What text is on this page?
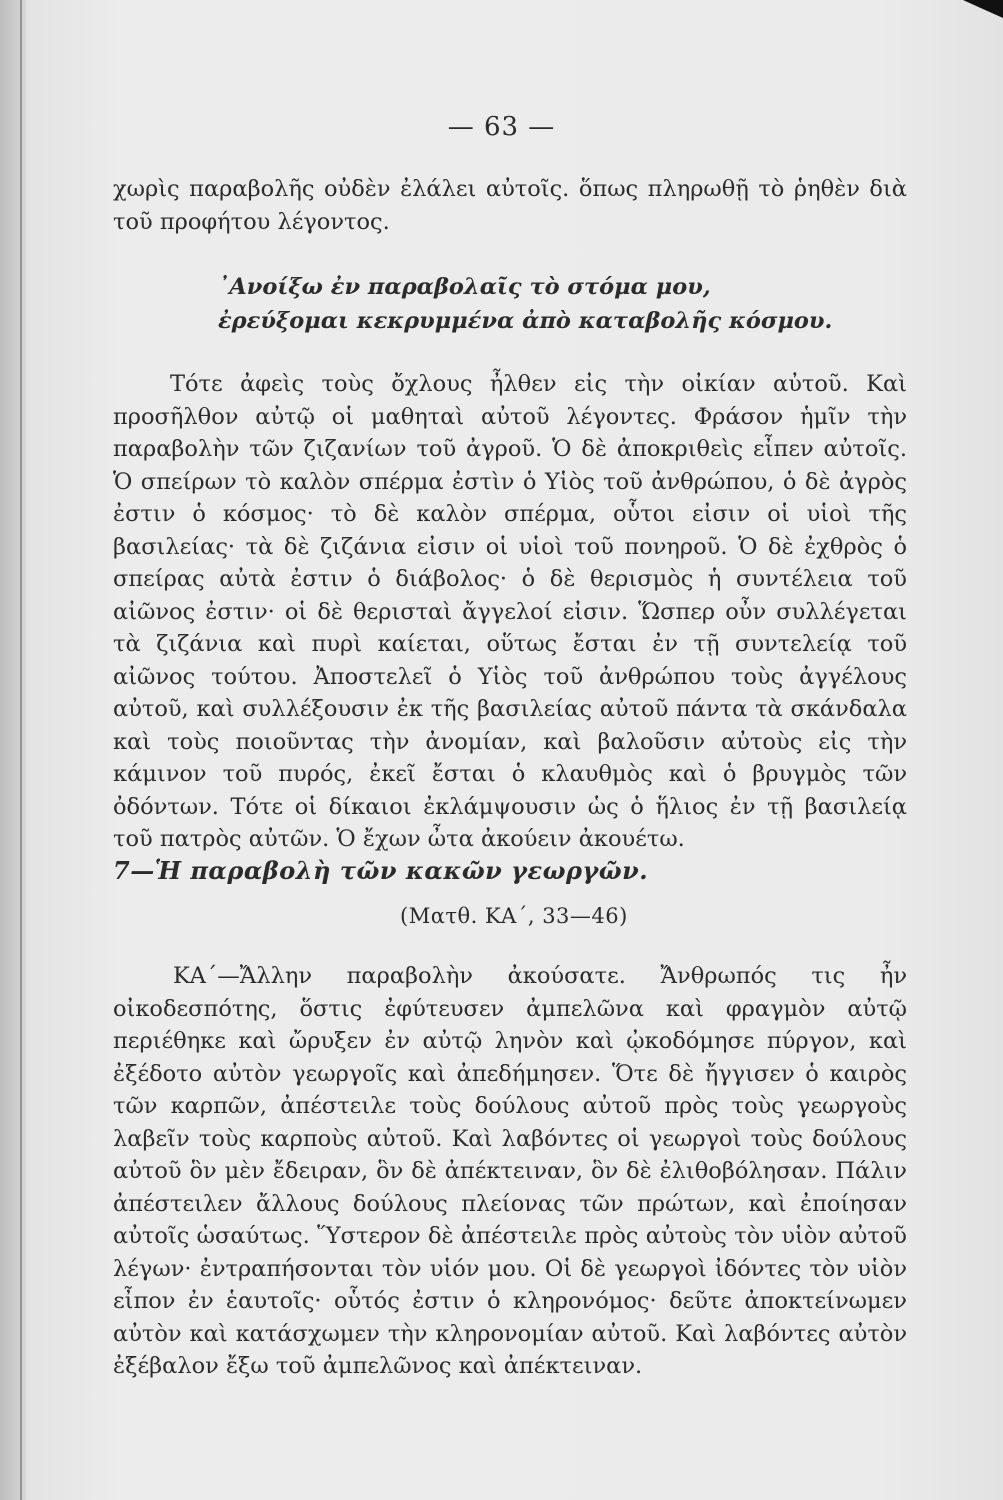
— 63 —

χωρὶς παραβολῆς οὐδὲν ἐλάλει αὐτοῖς. ὅπως πληρωθῇ τὸ ῥηθὲν διὰ τοῦ προφήτου λέγοντος.

᾿Ανοίξω ἐν παραβολαῖς τὸ στόμα μου,
ἐρεύξομαι κεκρυμμένα ἀπὸ καταβολῆς κόσμου.

Τότε ἀφεὶς τοὺς ὄχλους ἦλθεν εἰς τὴν οἰκίαν αὐτοῦ. Καὶ προσῆλθον αὐτῷ οἱ μαθηταὶ αὐτοῦ λέγοντες. Φράσον ἡμῖν τὴν παραβολὴν τῶν ζιζανίων τοῦ ἀγροῦ. Ὁ δὲ ἀποκριθεὶς εἶπεν αὐτοῖς. Ὁ σπείρων τὸ καλὸν σπέρμα ἐστὶν ὁ Υἱὸς τοῦ ἀνθρώπου, ὁ δὲ ἀγρὸς ἐστιν ὁ κόσμος· τὸ δὲ καλὸν σπέρμα, οὗτοι εἰσιν οἱ υἱοὶ τῆς βασιλείας· τὰ δὲ ζιζάνια εἰσιν οἱ υἱοὶ τοῦ πονηροῦ. Ὁ δὲ ἐχθρὸς ὁ σπείρας αὐτὰ ἐστιν ὁ διάβολος· ὁ δὲ θερισμὸς ἡ συντέλεια τοῦ αἰῶνος ἐστιν· οἱ δὲ θερισταὶ ἄγγελοί εἰσιν. Ὥσπερ οὖν συλλέγεται τὰ ζιζάνια καὶ πυρὶ καίεται, οὕτως ἔσται ἐν τῇ συντελείᾳ τοῦ αἰῶνος τούτου. Ἀποστελεῖ ὁ Υἱὸς τοῦ ἀνθρώπου τοὺς ἀγγέλους αὐτοῦ, καὶ συλλέξουσιν ἐκ τῆς βασιλείας αὐτοῦ πάντα τὰ σκάνδαλα καὶ τοὺς ποιοῦντας τὴν ἀνομίαν, καὶ βαλοῦσιν αὐτοὺς εἰς τὴν κάμινον τοῦ πυρός, ἐκεῖ ἔσται ὁ κλαυθμὸς καὶ ὁ βρυγμὸς τῶν ὀδόντων. Τότε οἱ δίκαιοι ἐκλάμψουσιν ὡς ὁ ἥλιος ἐν τῇ βασιλείᾳ τοῦ πατρὸς αὐτῶν. Ὁ ἔχων ὦτα ἀκούειν ἀκουέτω.

7—Ἡ παραβολὴ τῶν κακῶν γεωργῶν.
(Ματθ. ΚΑ΄, 33—46)

ΚΑ΄—Ἄλλην παραβολὴν ἀκούσατε. Ἄνθρωπός τις ἦν οἰκοδεσπότης, ὅστις ἐφύτευσεν ἀμπελῶνα καὶ φραγμὸν αὐτῷ περιέθηκε καὶ ὤρυξεν ἐν αὐτῷ ληνὸν καὶ ᾠκοδόμησε πύργον, καὶ ἐξέδοτο αὐτὸν γεωργοῖς καὶ ἀπεδήμησεν. Ὅτε δὲ ἤγγισεν ὁ καιρὸς τῶν καρπῶν, ἀπέστειλε τοὺς δούλους αὐτοῦ πρὸς τοὺς γεωργοὺς λαβεῖν τοὺς καρποὺς αὐτοῦ. Καὶ λαβόντες οἱ γεωργοὶ τοὺς δούλους αὐτοῦ ὃν μὲν ἔδειραν, ὃν δὲ ἀπέκτειναν, ὃν δὲ ἐλιθοβόλησαν. Πάλιν ἀπέστειλεν ἄλλους δούλους πλείονας τῶν πρώτων, καὶ ἐποίησαν αὐτοῖς ὡσαύτως. Ὕστερον δὲ ἀπέστειλε πρὸς αὐτοὺς τὸν υἱὸν αὐτοῦ λέγων· ἐντραπήσονται τὸν υἱόν μου. Οἱ δὲ γεωργοὶ ἰδόντες τὸν υἱὸν εἶπον ἐν ἑαυτοῖς· οὗτός ἐστιν ὁ κληρονόμος· δεῦτε ἀποκτείνωμεν αὐτὸν καὶ κατάσχωμεν τὴν κληρονομίαν αὐτοῦ. Καὶ λαβόντες αὐτὸν ἐξέβαλον ἔξω τοῦ ἀμπελῶνος καὶ ἀπέκτειναν.
